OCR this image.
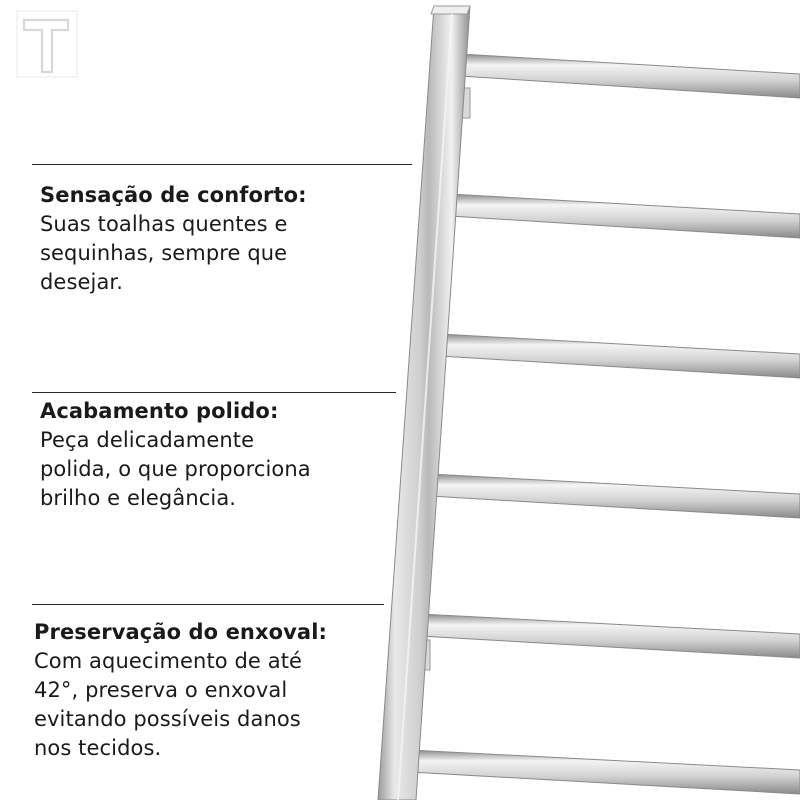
Sensação de conforto:

Suas toalhas quentes e

sequinhas, sempre que

desejar.

Acabamento polido:

Peça delicadamente

polida, o que proporciona

brilho e elegância.

Preservação do enxoval:

Com aquecimento de até

42°, preserva o enxoval

evitando possíveis danos

nos tecidos.
